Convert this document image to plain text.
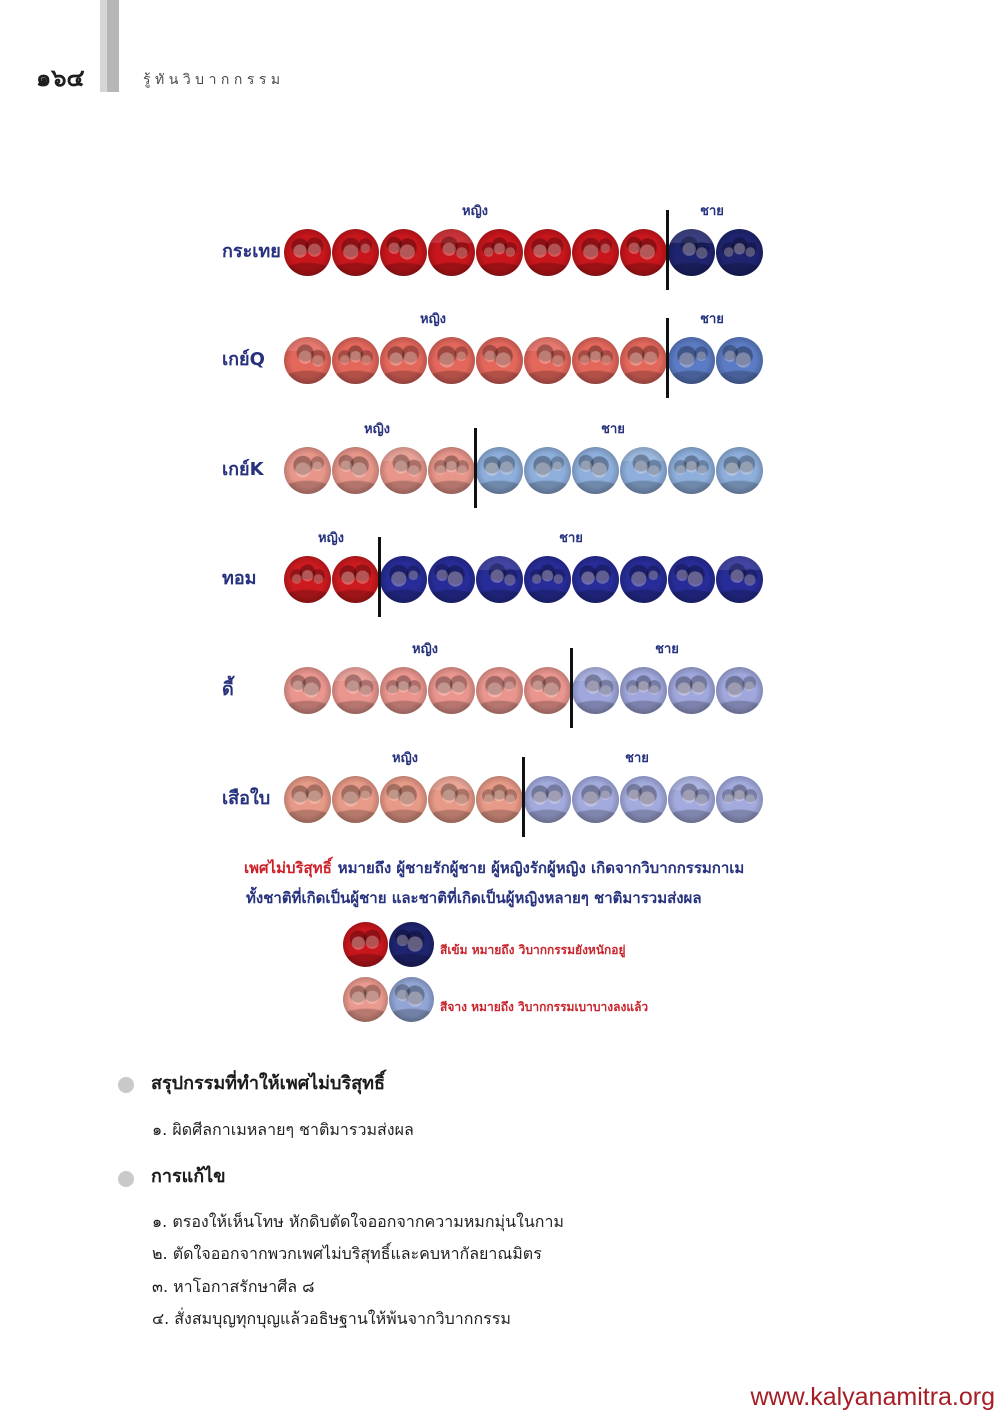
๑๖๔	รู้ทันวิบากกรรม
กระเทย
หญิง	ชาย
เกย์Q
หญิง	ชาย
เกย์K
หญิง	ชาย
ทอม
หญิง	ชาย
ดี้
หญิง	ชาย
เสือใบ
หญิง	ชาย
เพศไม่บริสุทธิ์ หมายถึง ผู้ชายรักผู้ชาย ผู้หญิงรักผู้หญิง เกิดจากวิบากกรรมกาเม
ทั้งชาติที่เกิดเป็นผู้ชาย และชาติที่เกิดเป็นผู้หญิงหลายๆ ชาติมารวมส่งผล
สีเข้ม หมายถึง วิบากกรรมยังหนักอยู่
สีจาง หมายถึง วิบากกรรมเบาบางลงแล้ว
สรุปกรรมที่ทำให้เพศไม่บริสุทธิ์
๑. ผิดศีลกาเมหลายๆ ชาติมารวมส่งผล
การแก้ไข
๑. ตรองให้เห็นโทษ หักดิบตัดใจออกจากความหมกมุ่นในกาม
๒. ตัดใจออกจากพวกเพศไม่บริสุทธิ์และคบหากัลยาณมิตร
๓. หาโอกาสรักษาศีล ๘
๔. สั่งสมบุญทุกบุญแล้วอธิษฐานให้พ้นจากวิบากกรรม
www.kalyanamitra.org
